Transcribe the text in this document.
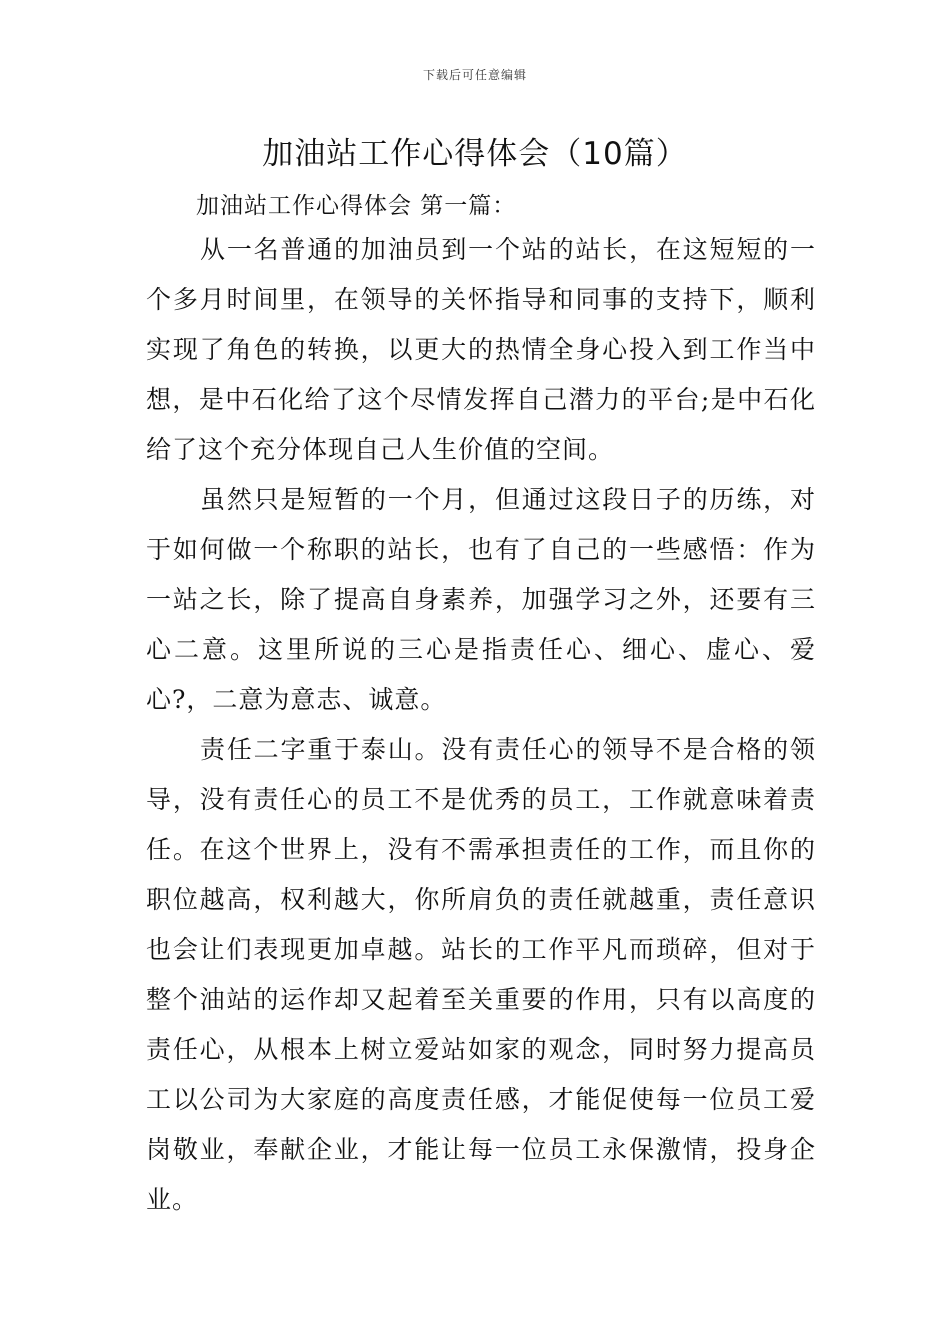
下载后可任意编辑
加油站工作心得体会（10篇）
加油站工作心得体会 第一篇：

从一名普通的加油员到一个站的站长，在这短短的一个多月时间里，在领导的关怀指导和同事的支持下，顺利实现了角色的转换，以更大的热情全身心投入到工作当中想，是中石化给了这个尽情发挥自己潜力的平台;是中石化给了这个充分体现自己人生价值的空间。

虽然只是短暂的一个月，但通过这段日子的历练，对于如何做一个称职的站长，也有了自己的一些感悟：作为一站之长，除了提高自身素养，加强学习之外，还要有三心二意。这里所说的三心是指责任心、细心、虚心、爱心?，二意为意志、诚意。

责任二字重于泰山。没有责任心的领导不是合格的领导，没有责任心的员工不是优秀的员工，工作就意味着责任。在这个世界上，没有不需承担责任的工作，而且你的职位越高，权利越大，你所肩负的责任就越重，责任意识也会让们表现更加卓越。站长的工作平凡而琐碎，但对于整个油站的运作却又起着至关重要的作用，只有以高度的责任心，从根本上树立爱站如家的观念，同时努力提高员工以公司为大家庭的高度责任感，才能促使每一位员工爱岗敬业，奉献企业，才能让每一位员工永保激情，投身企业。
